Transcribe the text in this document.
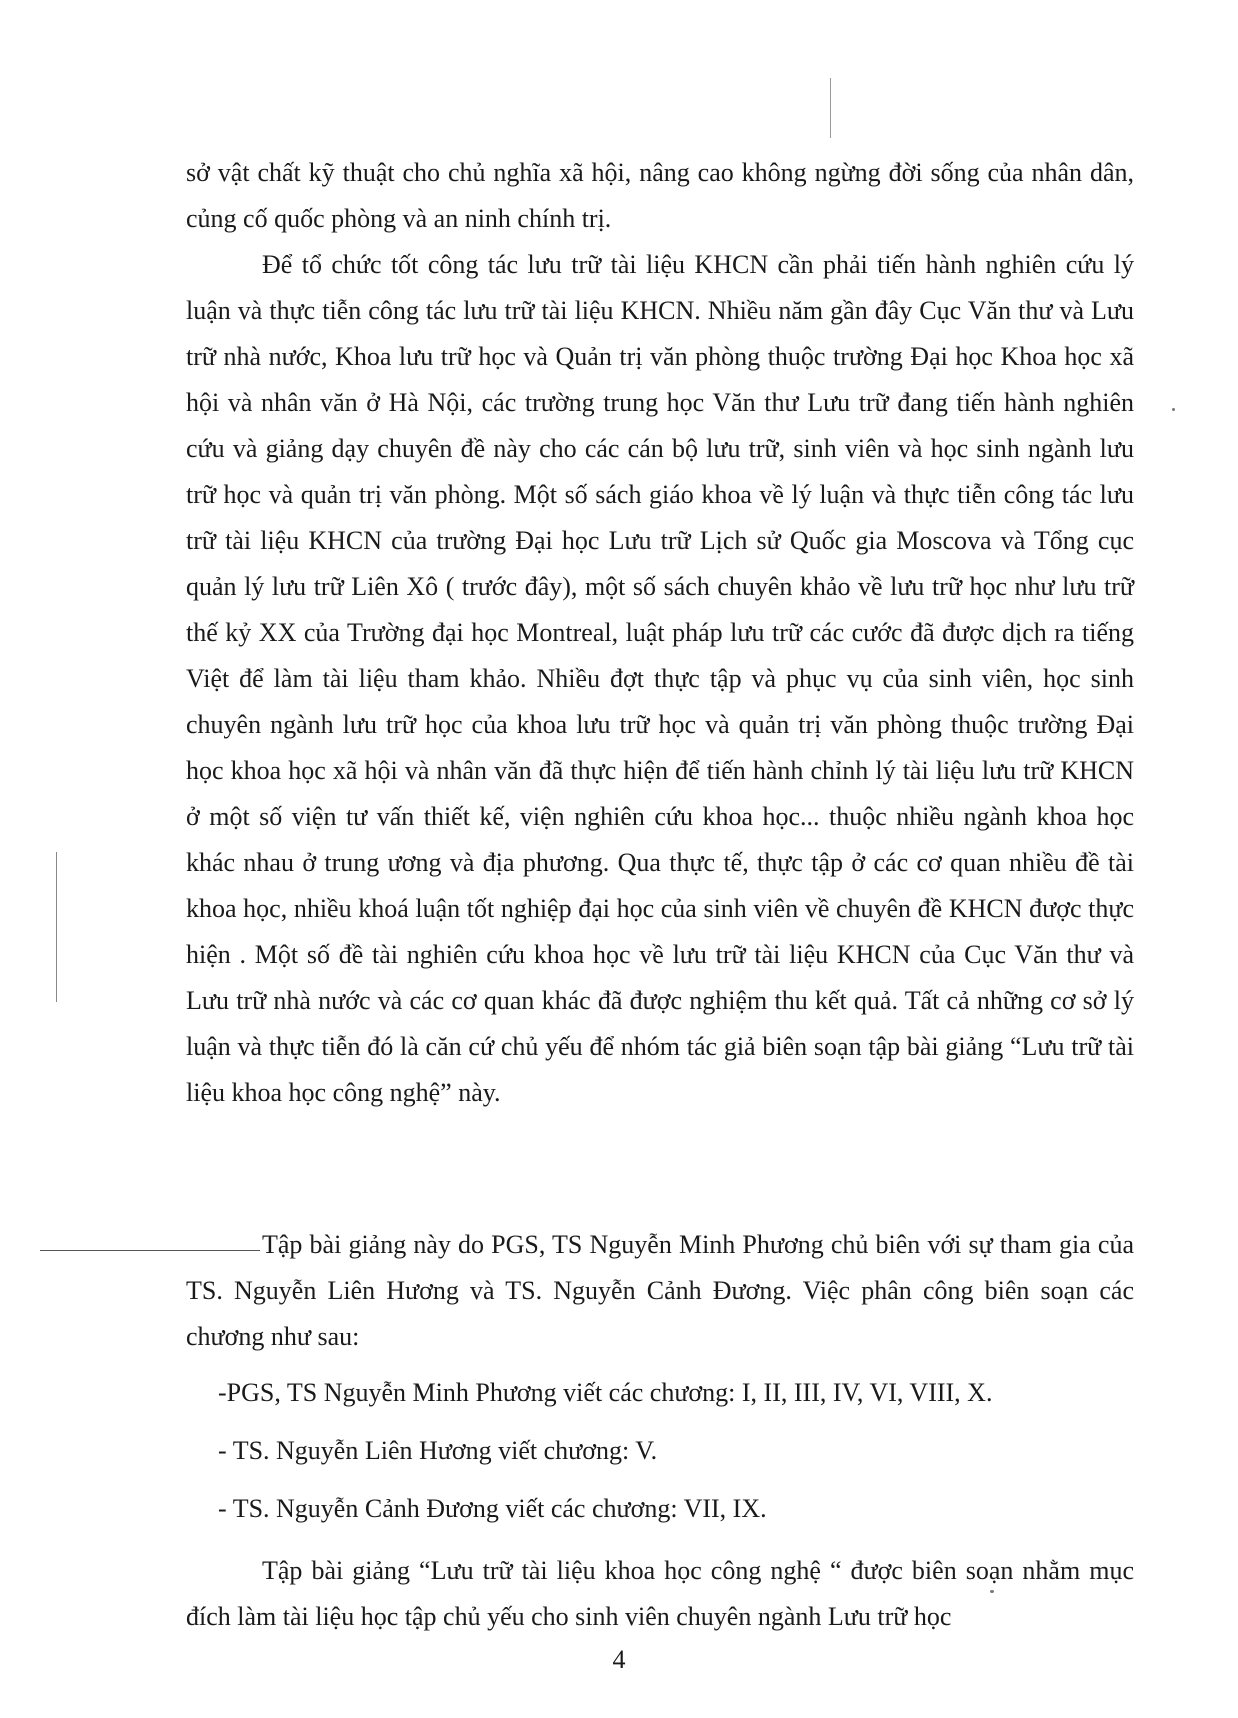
sở vật chất kỹ thuật cho chủ nghĩa xã hội, nâng cao không ngừng đời sống của nhân dân, củng cố quốc phòng và an ninh chính trị.

Để tổ chức tốt công tác lưu trữ tài liệu KHCN cần phải tiến hành nghiên cứu lý luận và thực tiễn công tác lưu trữ tài liệu KHCN. Nhiều năm gần đây Cục Văn thư và Lưu trữ nhà nước, Khoa lưu trữ học và Quản trị văn phòng thuộc trường Đại học Khoa học xã hội và nhân văn ở Hà Nội, các trường trung học Văn thư Lưu trữ đang tiến hành nghiên cứu và giảng dạy chuyên đề này cho các cán bộ lưu trữ, sinh viên và học sinh ngành lưu trữ học và quản trị văn phòng. Một số sách giáo khoa về lý luận và thực tiễn công tác lưu trữ tài liệu KHCN của trường Đại học Lưu trữ Lịch sử Quốc gia Moscova và Tổng cục quản lý lưu trữ Liên Xô ( trước đây), một số sách chuyên khảo về lưu trữ học như lưu trữ thế kỷ XX của Trường đại học Montreal, luật pháp lưu trữ các cước đã được dịch ra tiếng Việt để làm tài liệu tham khảo. Nhiều đợt thực tập và phục vụ của sinh viên, học sinh chuyên ngành lưu trữ học của khoa lưu trữ học và quản trị văn phòng thuộc trường Đại học khoa học xã hội và nhân văn đã thực hiện để tiến hành chỉnh lý tài liệu lưu trữ KHCN ở một số viện tư vấn thiết kế, viện nghiên cứu khoa học... thuộc nhiều ngành khoa học khác nhau ở trung ương và địa phương. Qua thực tế, thực tập ở các cơ quan nhiều đề tài khoa học, nhiều khoá luận tốt nghiệp đại học của sinh viên về chuyên đề KHCN được thực hiện . Một số đề tài nghiên cứu khoa học về lưu trữ tài liệu KHCN của Cục Văn thư và Lưu trữ nhà nước và các cơ quan khác đã được nghiệm thu kết quả. Tất cả những cơ sở lý luận và thực tiễn đó là căn cứ chủ yếu để nhóm tác giả biên soạn tập bài giảng “Lưu trữ tài liệu khoa học công nghệ” này.

Tập bài giảng này do PGS, TS Nguyễn Minh Phương chủ biên với sự tham gia của TS. Nguyễn Liên Hương và TS. Nguyễn Cảnh Đương. Việc phân công biên soạn các chương như sau:

-PGS, TS Nguyễn Minh Phương viết các chương: I, II, III, IV, VI, VIII, X.
- TS. Nguyễn Liên Hương viết chương: V.
- TS. Nguyễn Cảnh Đương viết các chương: VII, IX.

Tập bài giảng “Lưu trữ tài liệu khoa học công nghệ “ được biên soạn nhằm mục đích làm tài liệu học tập chủ yếu cho sinh viên chuyên ngành Lưu trữ học

4
